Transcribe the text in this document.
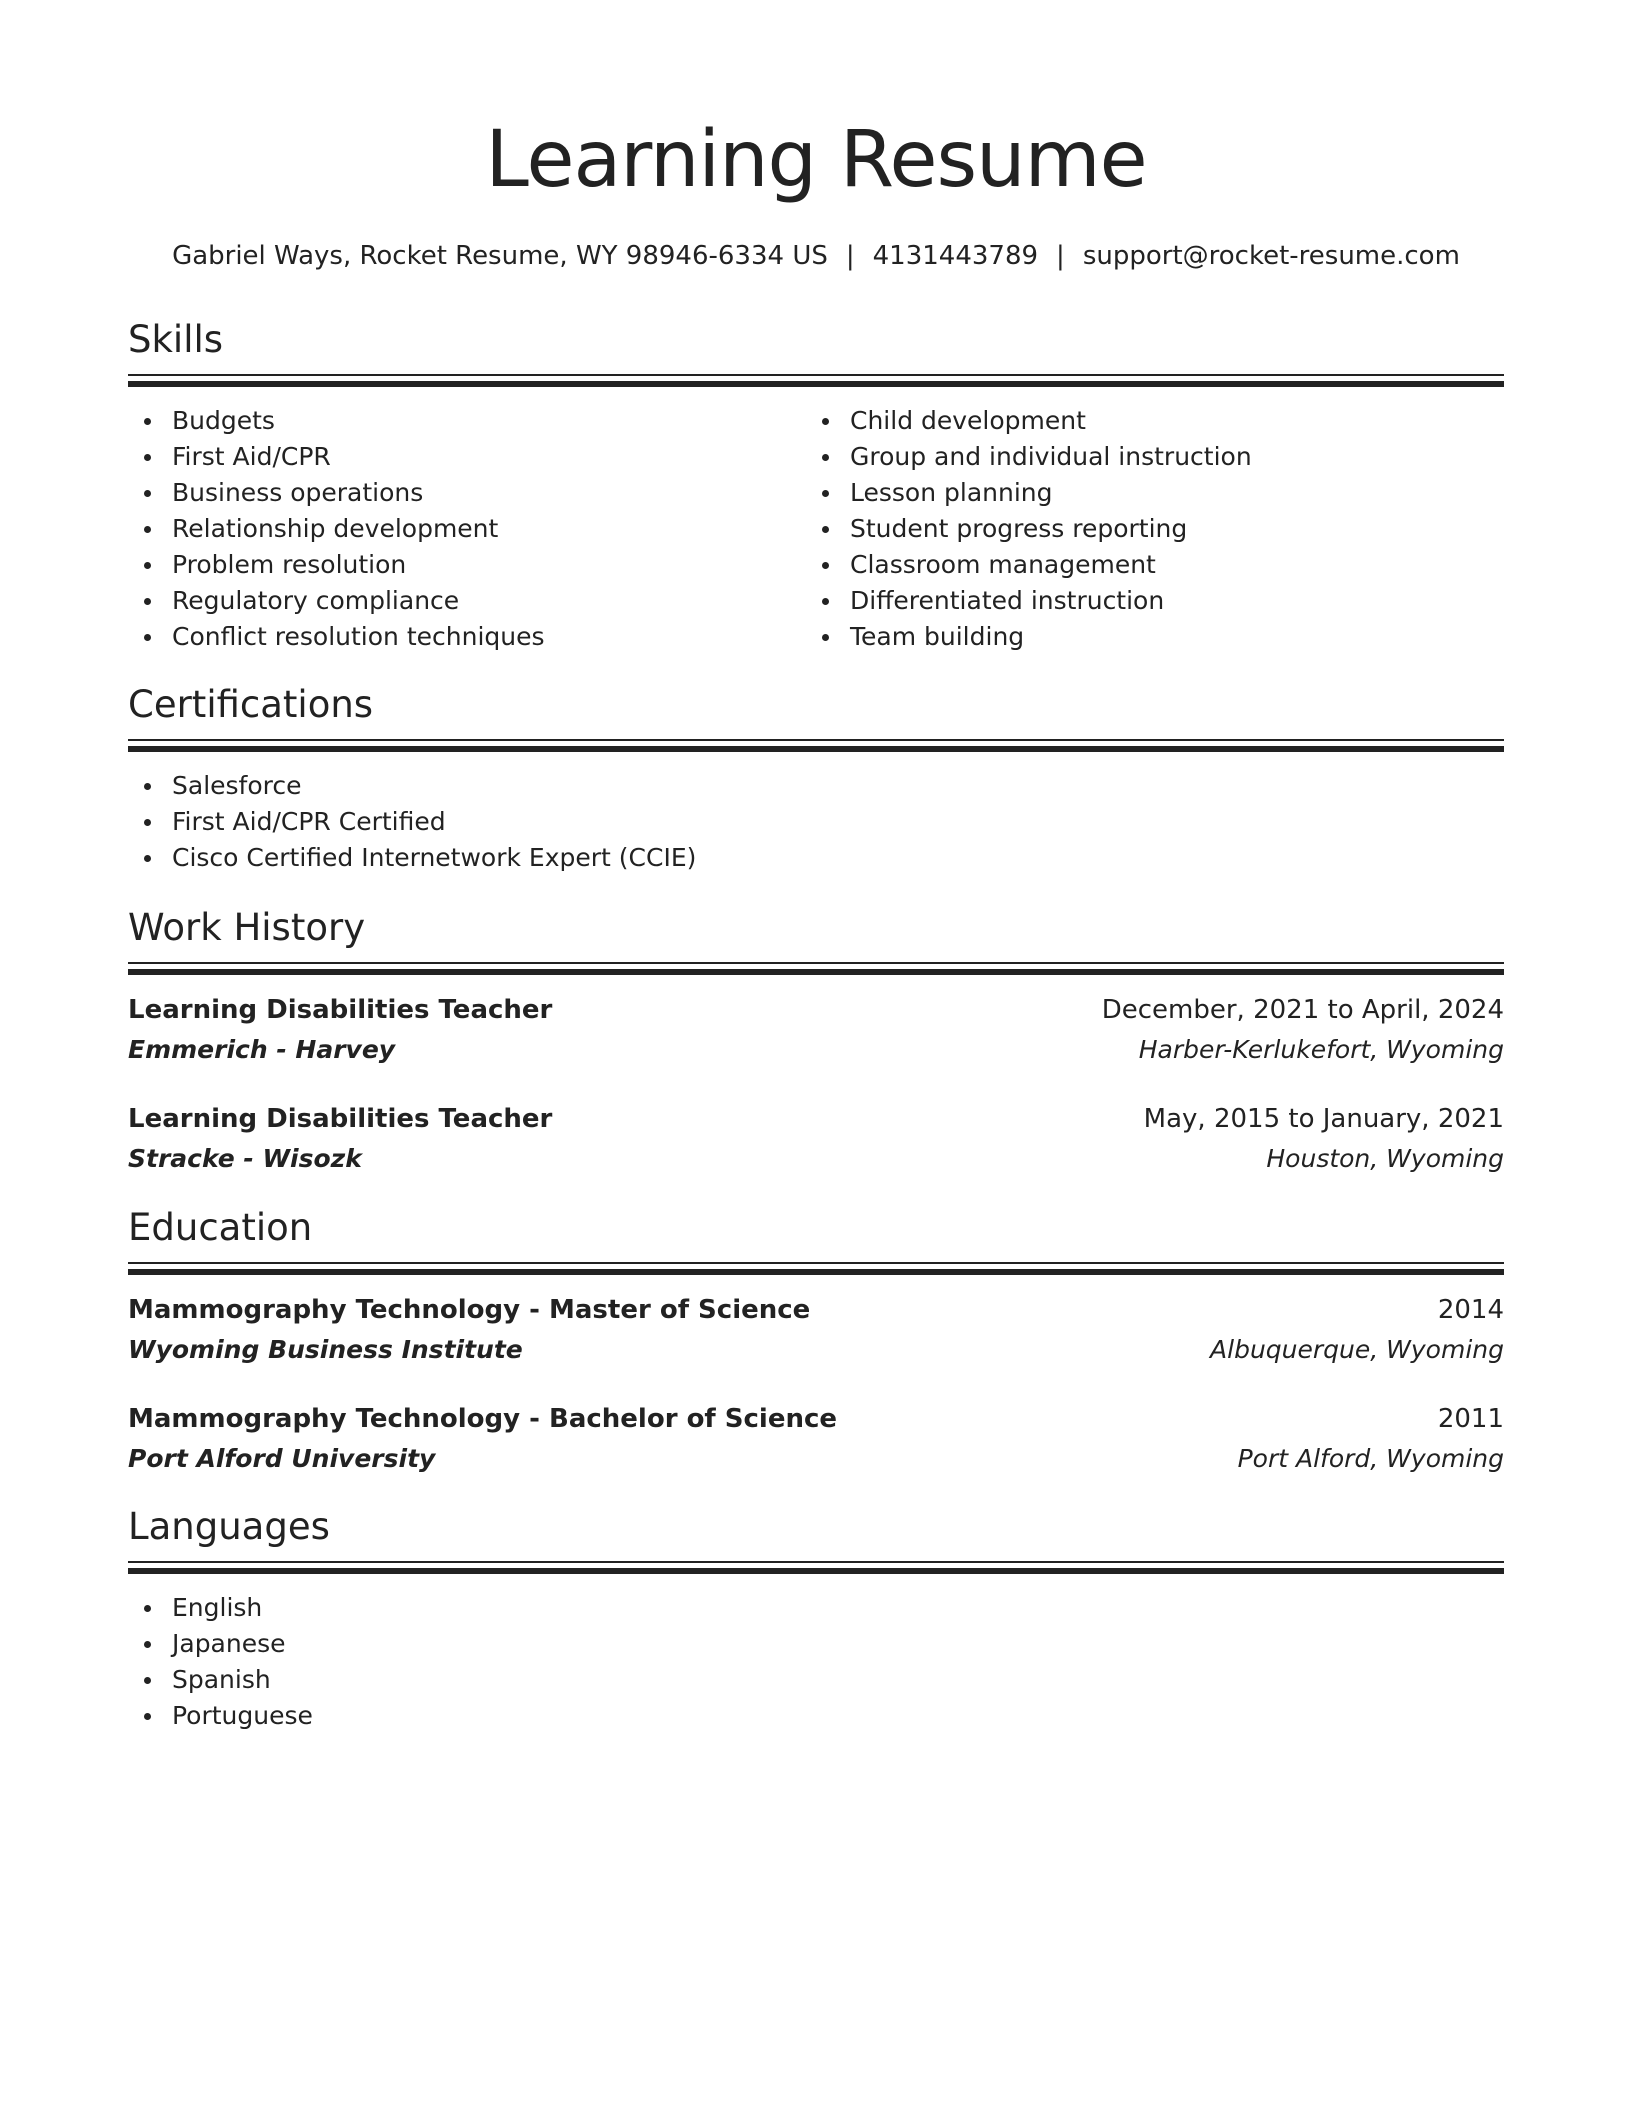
Learning Resume
Gabriel Ways, Rocket Resume, WY 98946-6334 US | 4131443789 | support@rocket-resume.com
Skills
Budgets
First Aid/CPR
Business operations
Relationship development
Problem resolution
Regulatory compliance
Conflict resolution techniques
Child development
Group and individual instruction
Lesson planning
Student progress reporting
Classroom management
Differentiated instruction
Team building
Certifications
Salesforce
First Aid/CPR Certified
Cisco Certified Internetwork Expert (CCIE)
Work History
Learning Disabilities Teacher	December, 2021 to April, 2024
Emmerich - Harvey	Harber-Kerlukefort, Wyoming
Learning Disabilities Teacher	May, 2015 to January, 2021
Stracke - Wisozk	Houston, Wyoming
Education
Mammography Technology - Master of Science	2014
Wyoming Business Institute	Albuquerque, Wyoming
Mammography Technology - Bachelor of Science	2011
Port Alford University	Port Alford, Wyoming
Languages
English
Japanese
Spanish
Portuguese
